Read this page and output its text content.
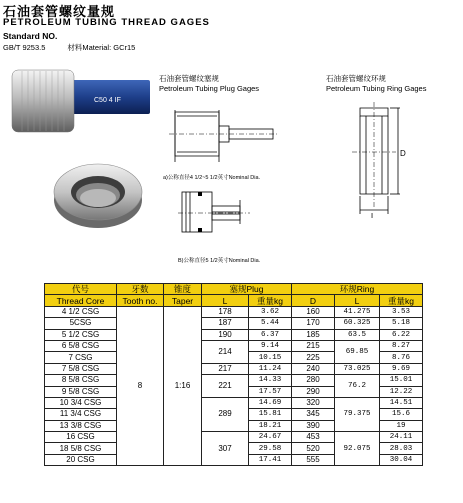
石油套管螺纹量规
PETROLEUM TUBING THREAD GAGES
Standard NO.
GB/T 9253.5	材料Material: GCr15
C50 4 IF
石油套管螺纹塞规
Petroleum Tubing Plug Gages
石油套管螺纹环规
Petroleum Tubing Ring Gages
a)公称直径4 1/2~5 1/2英寸Nominal Dia.
B)公称直径5 1/2英寸Nominal Dia.
D
L
代号	牙数	锥度	塞规Plug		环规Ring		
Thread Core	Tooth no.	Taper	L	重量kg	D	L	重量kg
4 1/2 CSG	8	1:16	178	3.62	160	41.275	3.53
5CSG			187	5.44	170	60.325	5.18
5 1/2 CSG			190	6.37	185	63.5	6.22
6 5/8 CSG			214	9.14	215	69.85	8.27
7 CSG				10.15	225		8.76
7 5/8 CSG			217	11.24	240	73.025	9.69
8 5/8 CSG			221	14.33	280	76.2	15.01
9 5/8 CSG				17.57	290		12.22
10 3/4 CSG			289	14.69	320	79.375	14.51
11 3/4 CSG				15.81	345		15.6
13 3/8 CSG				18.21	390		19
16 CSG			307	24.67	453	92.075	24.11
18 5/8 CSG				29.58	520		28.03
20 CSG				17.41	555		30.04
